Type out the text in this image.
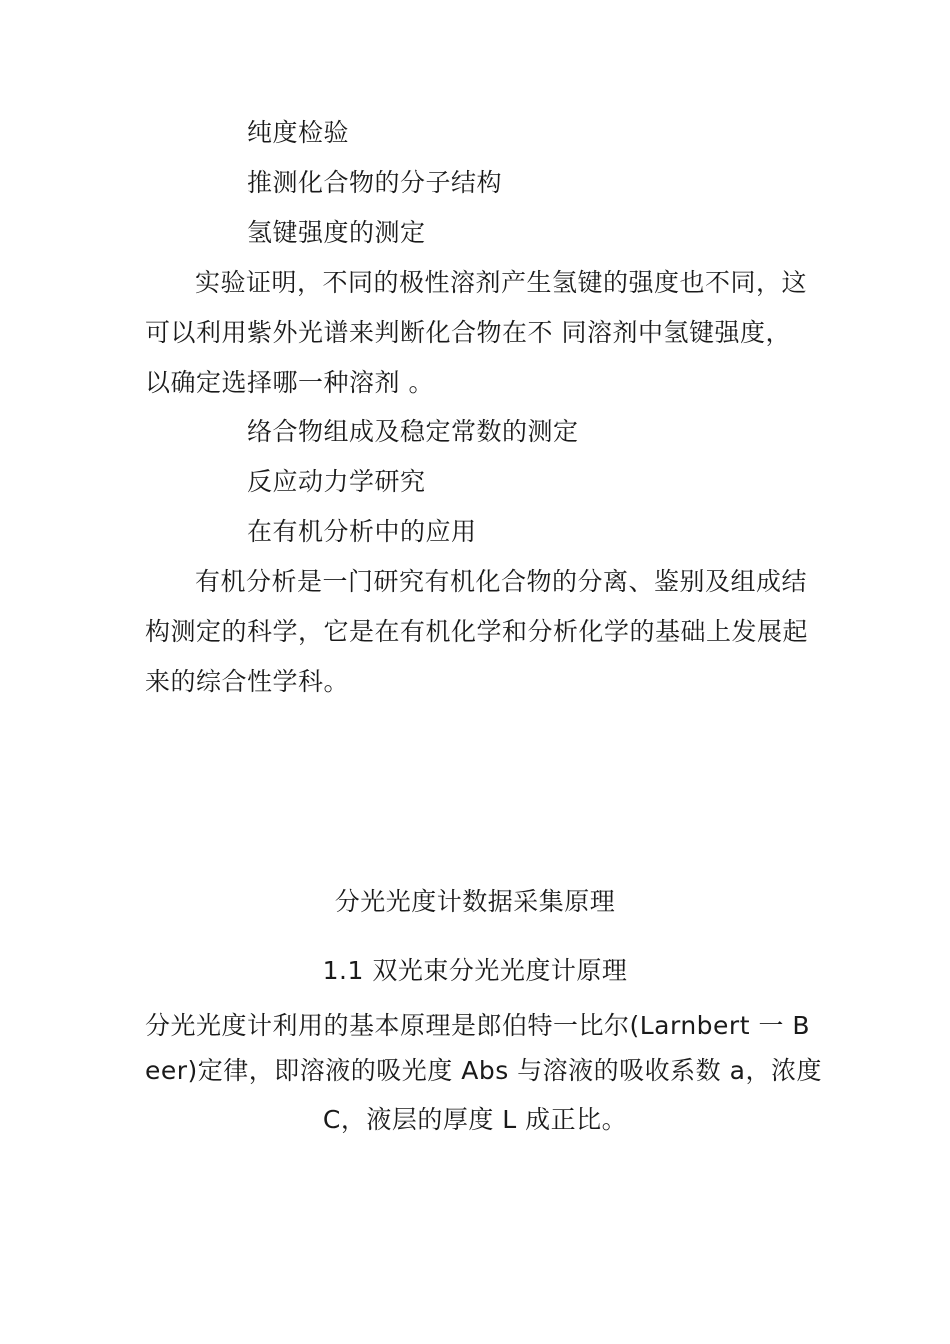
纯度检验
推测化合物的分子结构
氢键强度的测定
实验证明，不同的极性溶剂产生氢键的强度也不同，这
可以利用紫外光谱来判断化合物在不 同溶剂中氢键强度，
以确定选择哪一种溶剂 。
络合物组成及稳定常数的测定
反应动力学研究
在有机分析中的应用
有机分析是一门研究有机化合物的分离、鉴别及组成结
构测定的科学，它是在有机化学和分析化学的基础上发展起
来的综合性学科。
分光光度计数据采集原理
1.1 双光束分光光度计原理
分光光度计利用的基本原理是郎伯特一比尔(Larnbert 一 B
eer)定律，即溶液的吸光度 Abs 与溶液的吸收系数 a，浓度
C，液层的厚度 L 成正比。
